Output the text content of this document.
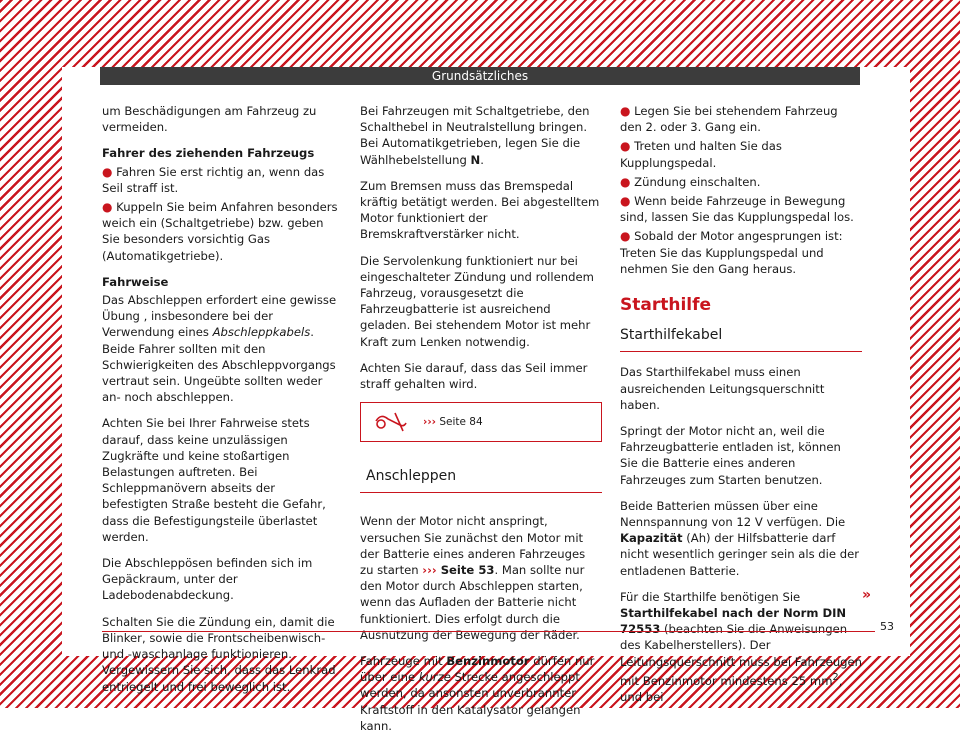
Grundsätzliches

um Beschädigungen am Fahrzeug zu vermeiden.

Fahrer des ziehenden Fahrzeugs

● Fahren Sie erst richtig an, wenn das Seil straff ist.

● Kuppeln Sie beim Anfahren besonders weich ein (Schaltgetriebe) bzw. geben Sie besonders vorsichtig Gas (Automatikgetriebe).

Fahrweise

Das Abschleppen erfordert eine gewisse Übung , insbesondere bei der Verwendung eines Abschleppkabels. Beide Fahrer sollten mit den Schwierigkeiten des Abschleppvorgangs vertraut sein. Ungeübte sollten weder an- noch abschleppen.

Achten Sie bei Ihrer Fahrweise stets darauf, dass keine unzulässigen Zugkräfte und keine stoßartigen Belastungen auftreten. Bei Schleppmanövern abseits der befestigten Straße besteht die Gefahr, dass die Befestigungsteile überlastet werden.

Die Abschleppösen befinden sich im Gepäckraum, unter der Ladebodenabdeckung.

Schalten Sie die Zündung ein, damit die Blinker, sowie die Frontscheibenwisch- und -waschanlage funktionieren. Vergewissern Sie sich, dass das Lenkrad entriegelt und frei beweglich ist.

Bei Fahrzeugen mit Schaltgetriebe, den Schalthebel in Neutralstellung bringen. Bei Automatikgetrieben, legen Sie die Wählhebelstellung N.

Zum Bremsen muss das Bremspedal kräftig betätigt werden. Bei abgestelltem Motor funktioniert der Bremskraftverstärker nicht.

Die Servolenkung funktioniert nur bei eingeschalteter Zündung und rollendem Fahrzeug, vorausgesetzt die Fahrzeugbatterie ist ausreichend geladen. Bei stehendem Motor ist mehr Kraft zum Lenken notwendig.

Achten Sie darauf, dass das Seil immer straff gehalten wird.

››› Seite 84
Anschleppen

Wenn der Motor nicht anspringt, versuchen Sie zunächst den Motor mit der Batterie eines anderen Fahrzeuges zu starten ››› Seite 53. Man sollte nur den Motor durch Abschleppen starten, wenn das Aufladen der Batterie nicht funktioniert. Dies erfolgt durch die Ausnutzung der Bewegung der Räder.

Fahrzeuge mit Benzinmotor dürfen nur über eine kurze Strecke angeschleppt werden, da ansonsten unverbrannter Kraftstoff in den Katalysator gelangen kann.

● Legen Sie bei stehendem Fahrzeug den 2. oder 3. Gang ein.

● Treten und halten Sie das Kupplungspedal.

● Zündung einschalten.

● Wenn beide Fahrzeuge in Bewegung sind, lassen Sie das Kupplungspedal los.

● Sobald der Motor angesprungen ist: Treten Sie das Kupplungspedal und nehmen Sie den Gang heraus.

Starthilfe
Starthilfekabel

Das Starthilfekabel muss einen ausreichenden Leitungsquerschnitt haben.

Springt der Motor nicht an, weil die Fahrzeugbatterie entladen ist, können Sie die Batterie eines anderen Fahrzeuges zum Starten benutzen.

Beide Batterien müssen über eine Nennspannung von 12 V verfügen. Die Kapazität (Ah) der Hilfsbatterie darf nicht wesentlich geringer sein als die der entladenen Batterie.

Für die Starthilfe benötigen Sie Starthilfekabel nach der Norm DIN 72553 (beachten Sie die Anweisungen des Kabelherstellers). Der Leitungsquerschnitt muss bei Fahrzeugen mit Benzinmotor mindestens 25 $mm^2$, und bei

»
53
